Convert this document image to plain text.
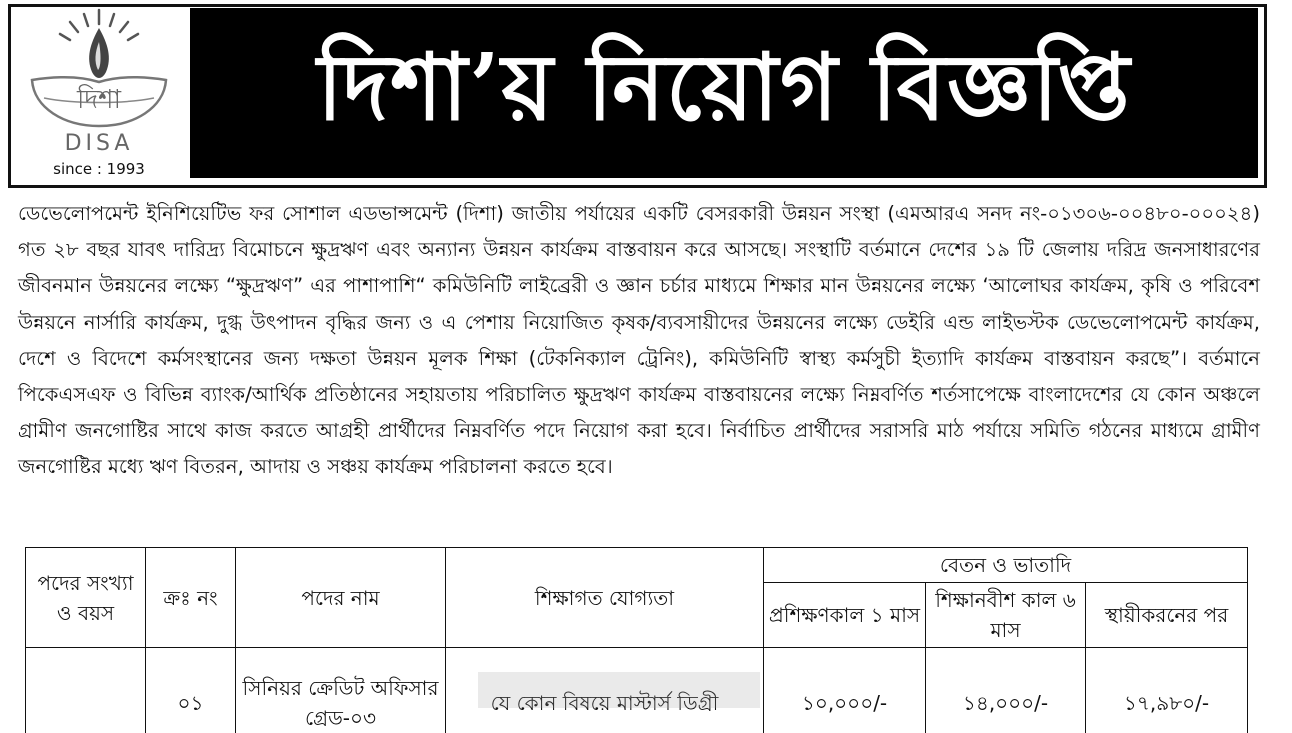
দিশা
DISA
since : 1993
দিশা’য় নিয়োগ বিজ্ঞপ্তি

ডেভেলোপমেন্ট ইনিশিয়েটিভ ফর সোশাল এডভান্সমেন্ট (দিশা) জাতীয় পর্যায়ের একটি বেসরকারী উন্নয়ন সংস্থা (এমআরএ সনদ নং-০১৩০৬-০০৪৮০-০০০২৪) গত ২৮ বছর যাবৎ দারিদ্র্য বিমোচনে ক্ষুদ্রঋণ এবং অন্যান্য উন্নয়ন কার্যক্রম বাস্তবায়ন করে আসছে। সংস্থাটি বর্তমানে দেশের ১৯ টি জেলায় দরিদ্র জনসাধারণের জীবনমান উন্নয়নের লক্ষ্যে “ক্ষুদ্রঋণ” এর পাশাপাশি“ কমিউনিটি লাইব্রেরী ও জ্ঞান চর্চার মাধ্যমে শিক্ষার মান উন্নয়নের লক্ষ্যে ‘আলোঘর কার্যক্রম, কৃষি ও পরিবেশ উন্নয়নে নার্সারি কার্যক্রম, দুগ্ধ উৎপাদন বৃদ্ধির জন্য ও এ পেশায় নিয়োজিত কৃষক/ব্যবসায়ীদের উন্নয়নের লক্ষ্যে ডেইরি এন্ড লাইভস্টক ডেভেলোপমেন্ট কার্যক্রম, দেশে ও বিদেশে কর্মসংস্থানের জন্য দক্ষতা উন্নয়ন মূলক শিক্ষা (টেকনিক্যাল ট্রেনিং), কমিউনিটি স্বাস্থ্য কর্মসুচী ইত্যাদি কার্যক্রম বাস্তবায়ন করছে”। বর্তমানে পিকেএসএফ ও বিভিন্ন ব্যাংক/আর্থিক প্রতিষ্ঠানের সহায়তায় পরিচালিত ক্ষুদ্রঋণ কার্যক্রম বাস্তবায়নের লক্ষ্যে নিম্নবর্ণিত শর্তসাপেক্ষে বাংলাদেশের যে কোন অঞ্চলে গ্রামীণ জনগোষ্টির সাথে কাজ করতে আগ্রহী প্রার্থীদের নিম্নবর্ণিত পদে নিয়োগ করা হবে। নির্বাচিত প্রার্থীদের সরাসরি মাঠ পর্যায়ে সমিতি গঠনের মাধ্যমে গ্রামীণ জনগোষ্টির মধ্যে ঋণ বিতরন, আদায় ও সঞ্চয় কার্যক্রম পরিচালনা করতে হবে।

পদের সংখ্যা ও বয়স	ক্রঃ নং	পদের নাম	শিক্ষাগত যোগ্যতা	বেতন ও ভাতাদি		
				প্রশিক্ষণকাল ১ মাস	শিক্ষানবীশ কাল ৬ মাস	স্থায়ীকরনের পর
	০১	সিনিয়র ক্রেডিট অফিসার গ্রেড-০৩	যে কোন বিষয়ে মাস্টার্স ডিগ্রী	১০,০০০/-	১৪,০০০/-	১৭,৯৮০/-
